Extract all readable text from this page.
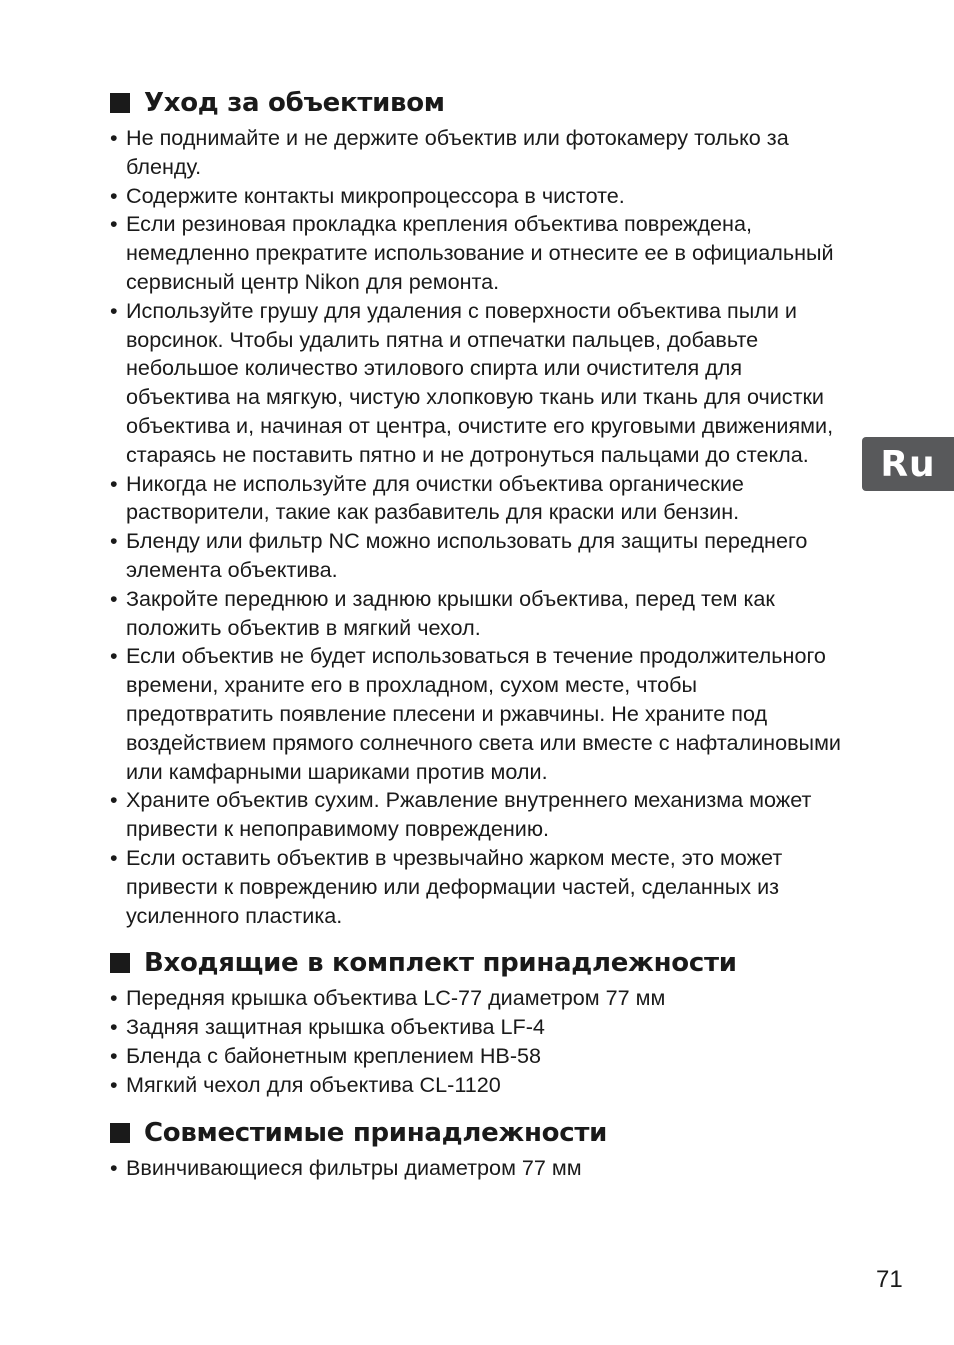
Уход за объективом
• Не поднимайте и не держите объектив или фотокамеру только за бленду.
• Содержите контакты микропроцессора в чистоте.
• Если резиновая прокладка крепления объектива повреждена, немедленно прекратите использование и отнесите ее в официальный сервисный центр Nikon для ремонта.
• Используйте грушу для удаления с поверхности объектива пыли и ворсинок. Чтобы удалить пятна и отпечатки пальцев, добавьте небольшое количество этилового спирта или очистителя для объектива на мягкую, чистую хлопковую ткань или ткань для очистки объектива и, начиная от центра, очистите его круговыми движениями, стараясь не поставить пятно и не дотронуться пальцами до стекла.
• Никогда не используйте для очистки объектива органические растворители, такие как разбавитель для краски или бензин.
• Бленду или фильтр NC можно использовать для защиты переднего элемента объектива.
• Закройте переднюю и заднюю крышки объектива, перед тем как положить объектив в мягкий чехол.
• Если объектив не будет использоваться в течение продолжительного времени, храните его в прохладном, сухом месте, чтобы предотвратить появление плесени и ржавчины. Не храните под воздействием прямого солнечного света или вместе с нафталиновыми или камфарными шариками против моли.
• Храните объектив сухим. Ржавление внутреннего механизма может привести к непоправимому повреждению.
• Если оставить объектив в чрезвычайно жарком месте, это может привести к повреждению или деформации частей, сделанных из усиленного пластика.
Входящие в комплект принадлежности
• Передняя крышка объектива LC-77 диаметром 77 мм
• Задняя защитная крышка объектива LF-4
• Бленда с байонетным креплением HB-58
• Мягкий чехол для объектива CL-1120
Совместимые принадлежности
• Ввинчивающиеся фильтры диаметром 77 мм
Ru
71
